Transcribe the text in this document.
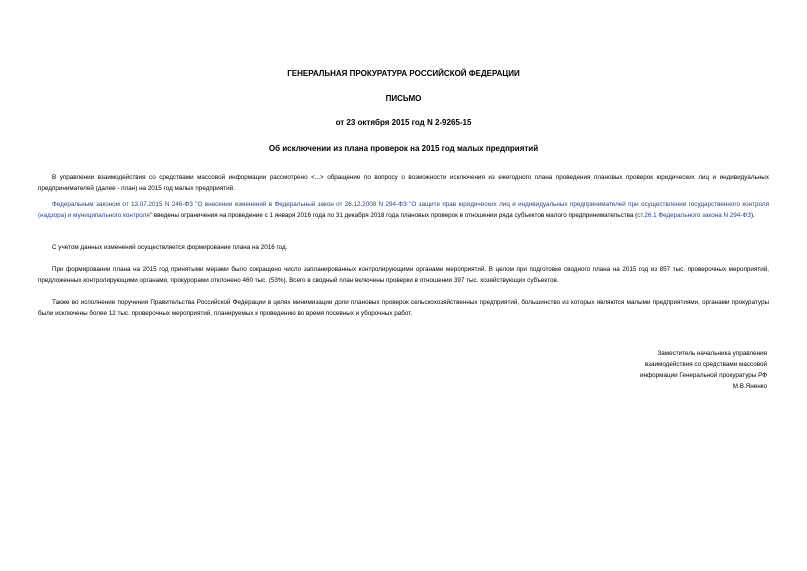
ГЕНЕРАЛЬНАЯ ПРОКУРАТУРА РОССИЙСКОЙ ФЕДЕРАЦИИ
ПИСЬМО
от 23 октября 2015 год N 2-9265-15
Об исключении из плана проверок на 2015 год малых предприятий
В управлении взаимодействия со средствами массовой информации рассмотрено <...> обращение по вопросу о возможности исключения из ежегодного плана проведения плановых проверок юридических лиц и индивидуальных предпринимателей (далее - план) на 2015 год малых предприятий.
Федеральным законом от 13.07.2015 N 246-ФЗ "О внесении изменений в Федеральный закон от 26.12.2008 N 294-ФЗ "О защите прав юридических лиц и индивидуальных предпринимателей при осуществлении государственного контроля (надзора) и муниципального контроля" введены ограничения на проведение с 1 января 2016 года по 31 декабря 2018 года плановых проверок в отношении ряда субъектов малого предпринимательства (ст.26.1 Федерального закона N 294-ФЗ).
С учетом данных изменений осуществляется формирование плана на 2016 год.
При формировании плана на 2015 год принятыми мерами было сокращено число запланированных контролирующими органами мероприятий. В целом при подготовке сводного плана на 2015 год из 857 тыс. проверочных мероприятий, предложенных контролирующими органами, прокурорами отклонено 460 тыс. (53%). Всего в сводный план включены проверки в отношении 397 тыс. хозяйствующих субъектов.
Также во исполнение поручения Правительства Российской Федерации в целях минимизации доли плановых проверок сельскохозяйственных предприятий, большинство из которых являются малыми предприятиями, органами прокуратуры были исключены более 12 тыс. проверочных мероприятий, планируемых к проведению во время посевных и уборочных работ.
Заместитель начальника управления
взаимодействия со средствами массовой
информации Генеральной прокуратуры РФ
М.В.Яненко
